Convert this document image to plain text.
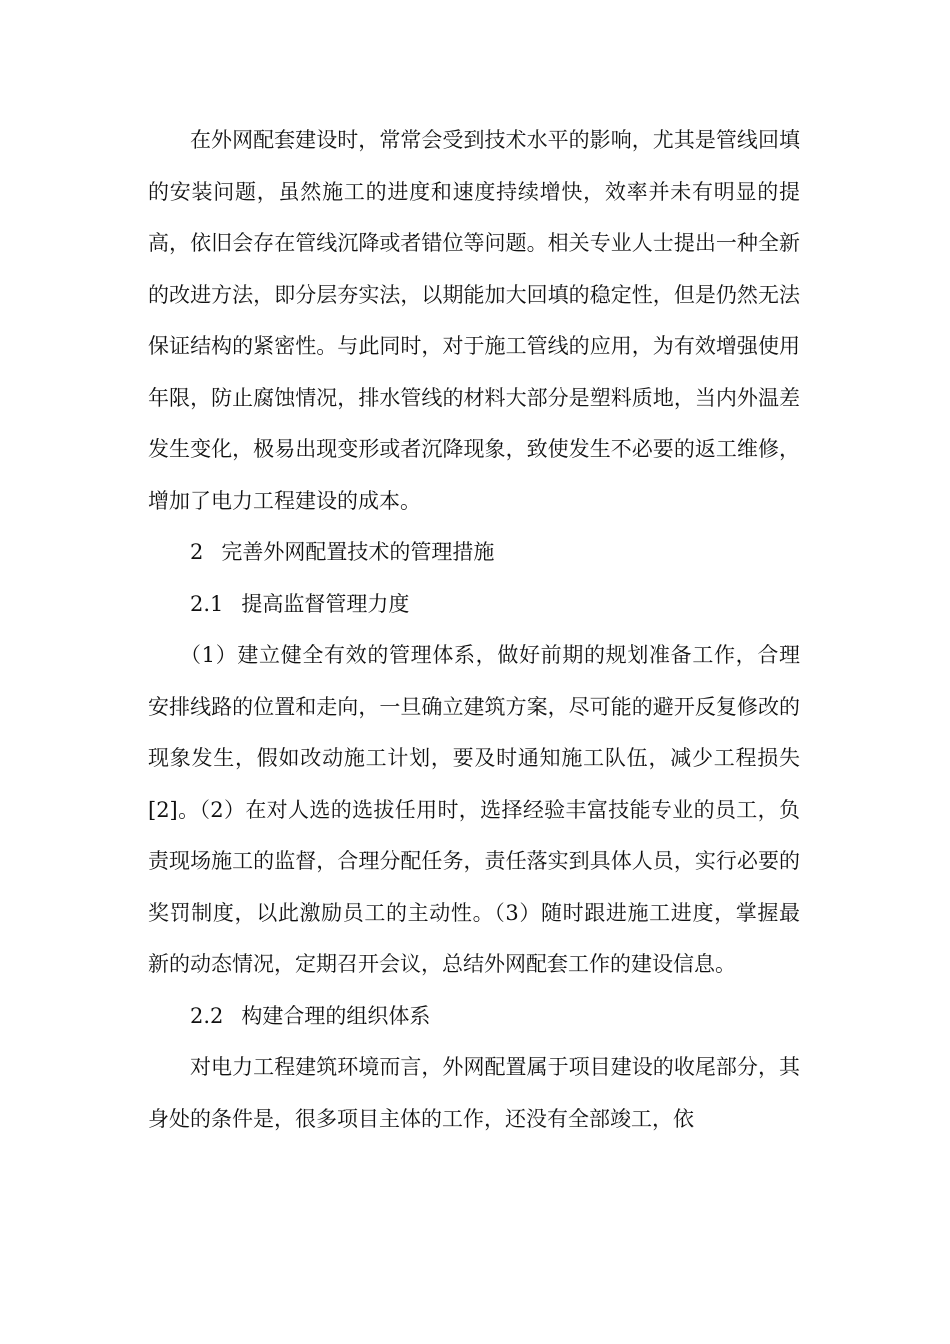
在外网配套建设时，常常会受到技术水平的影响，尤其是管线回填的安装问题，虽然施工的进度和速度持续增快，效率并未有明显的提高，依旧会存在管线沉降或者错位等问题。相关专业人士提出一种全新的改进方法，即分层夯实法，以期能加大回填的稳定性，但是仍然无法保证结构的紧密性。与此同时，对于施工管线的应用，为有效增强使用年限，防止腐蚀情况，排水管线的材料大部分是塑料质地，当内外温差发生变化，极易出现变形或者沉降现象，致使发生不必要的返工维修，增加了电力工程建设的成本。

2 完善外网配置技术的管理措施

2.1 提高监督管理力度

（1）建立健全有效的管理体系，做好前期的规划准备工作，合理安排线路的位置和走向，一旦确立建筑方案，尽可能的避开反复修改的现象发生，假如改动施工计划，要及时通知施工队伍，减少工程损失[2]。（2）在对人选的选拔任用时，选择经验丰富技能专业的员工，负责现场施工的监督，合理分配任务，责任落实到具体人员，实行必要的奖罚制度，以此激励员工的主动性。（3）随时跟进施工进度，掌握最新的动态情况，定期召开会议，总结外网配套工作的建设信息。

2.2 构建合理的组织体系

对电力工程建筑环境而言，外网配置属于项目建设的收尾部分，其身处的条件是，很多项目主体的工作，还没有全部竣工，依
